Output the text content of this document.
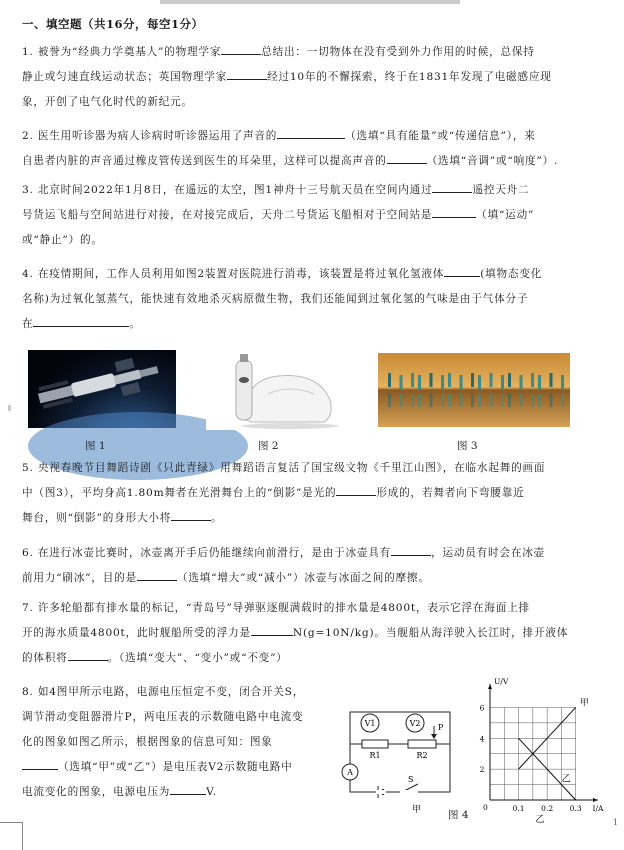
一、填空题（共16分，每空1分）
1. 被誉为“经典力学奠基人”的物理学家	总结出：一切物体在没有受到外力作用的时候，总保持
静止或匀速直线运动状态；英国物理学家	经过10年的不懈探索，终于在1831年发现了电磁感应现
象，开创了电气化时代的新纪元。
2. 医生用听诊器为病人诊病时听诊器运用了声音的	（选填“具有能量”或“传递信息”），来
自患者内脏的声音通过橡皮管传送到医生的耳朵里，这样可以提高声音的	（选填“音调”或“响度”）.
3. 北京时间2022年1月8日，在遥远的太空，图1神舟十三号航天员在空间内通过	遥控天舟二
号货运飞船与空间站进行对接，在对接完成后，天舟二号货运飞船相对于空间站是	（填“运动”
或“静止”）的。
4. 在疫情期间，工作人员利用如图2装置对医院进行消毒，该装置是将过氧化氢液体	(填物态变化
名称)为过氧化氢蒸气，能快速有效地杀灭病原微生物，我们还能闻到过氧化氢的气味是由于气体分子
在	。
图 1	图 2	图 3
5. 央视春晚节目舞蹈诗剧《只此青绿》用舞蹈语言复活了国宝级文物《千里江山图》，在临水起舞的画面
中（图3），平均身高1.80m舞者在光滑舞台上的“倒影”是光的	形成的，若舞者向下弯腰靠近
舞台，则“倒影”的身形大小将	。
6. 在进行冰壶比赛时，冰壶离开手后仍能继续向前滑行，是由于冰壶具有	，运动员有时会在冰壶
前用力“刷冰”，目的是	（选填“增大”或“减小”）冰壶与冰面之间的摩擦。
7. 许多轮船都有排水量的标记，“青岛号”导弹驱逐舰满载时的排水量是4800t，表示它浮在海面上排
开的海水质量4800t，此时舰船所受的浮力是	N(g=10N/kg)。当舰船从海洋驶入长江时，排开液体
的体积将	。（选填“变大”、“变小”或“不变”）
8. 如4图甲所示电路，电源电压恒定不变，闭合开关S，
调节滑动变阻器滑片P，两电压表的示数随电路中电流变
化的图象如图乙所示，根据图象的信息可知：图象
（选填“甲”或“乙”）是电压表V2示数随电路中
电流变化的图象，电源电压为	V.
V1	V2
R1	R2
P
A
S
甲	图 4
0.1 0.2 0.3
2
4
6
0	I/A
U/V
甲
乙
乙	1
